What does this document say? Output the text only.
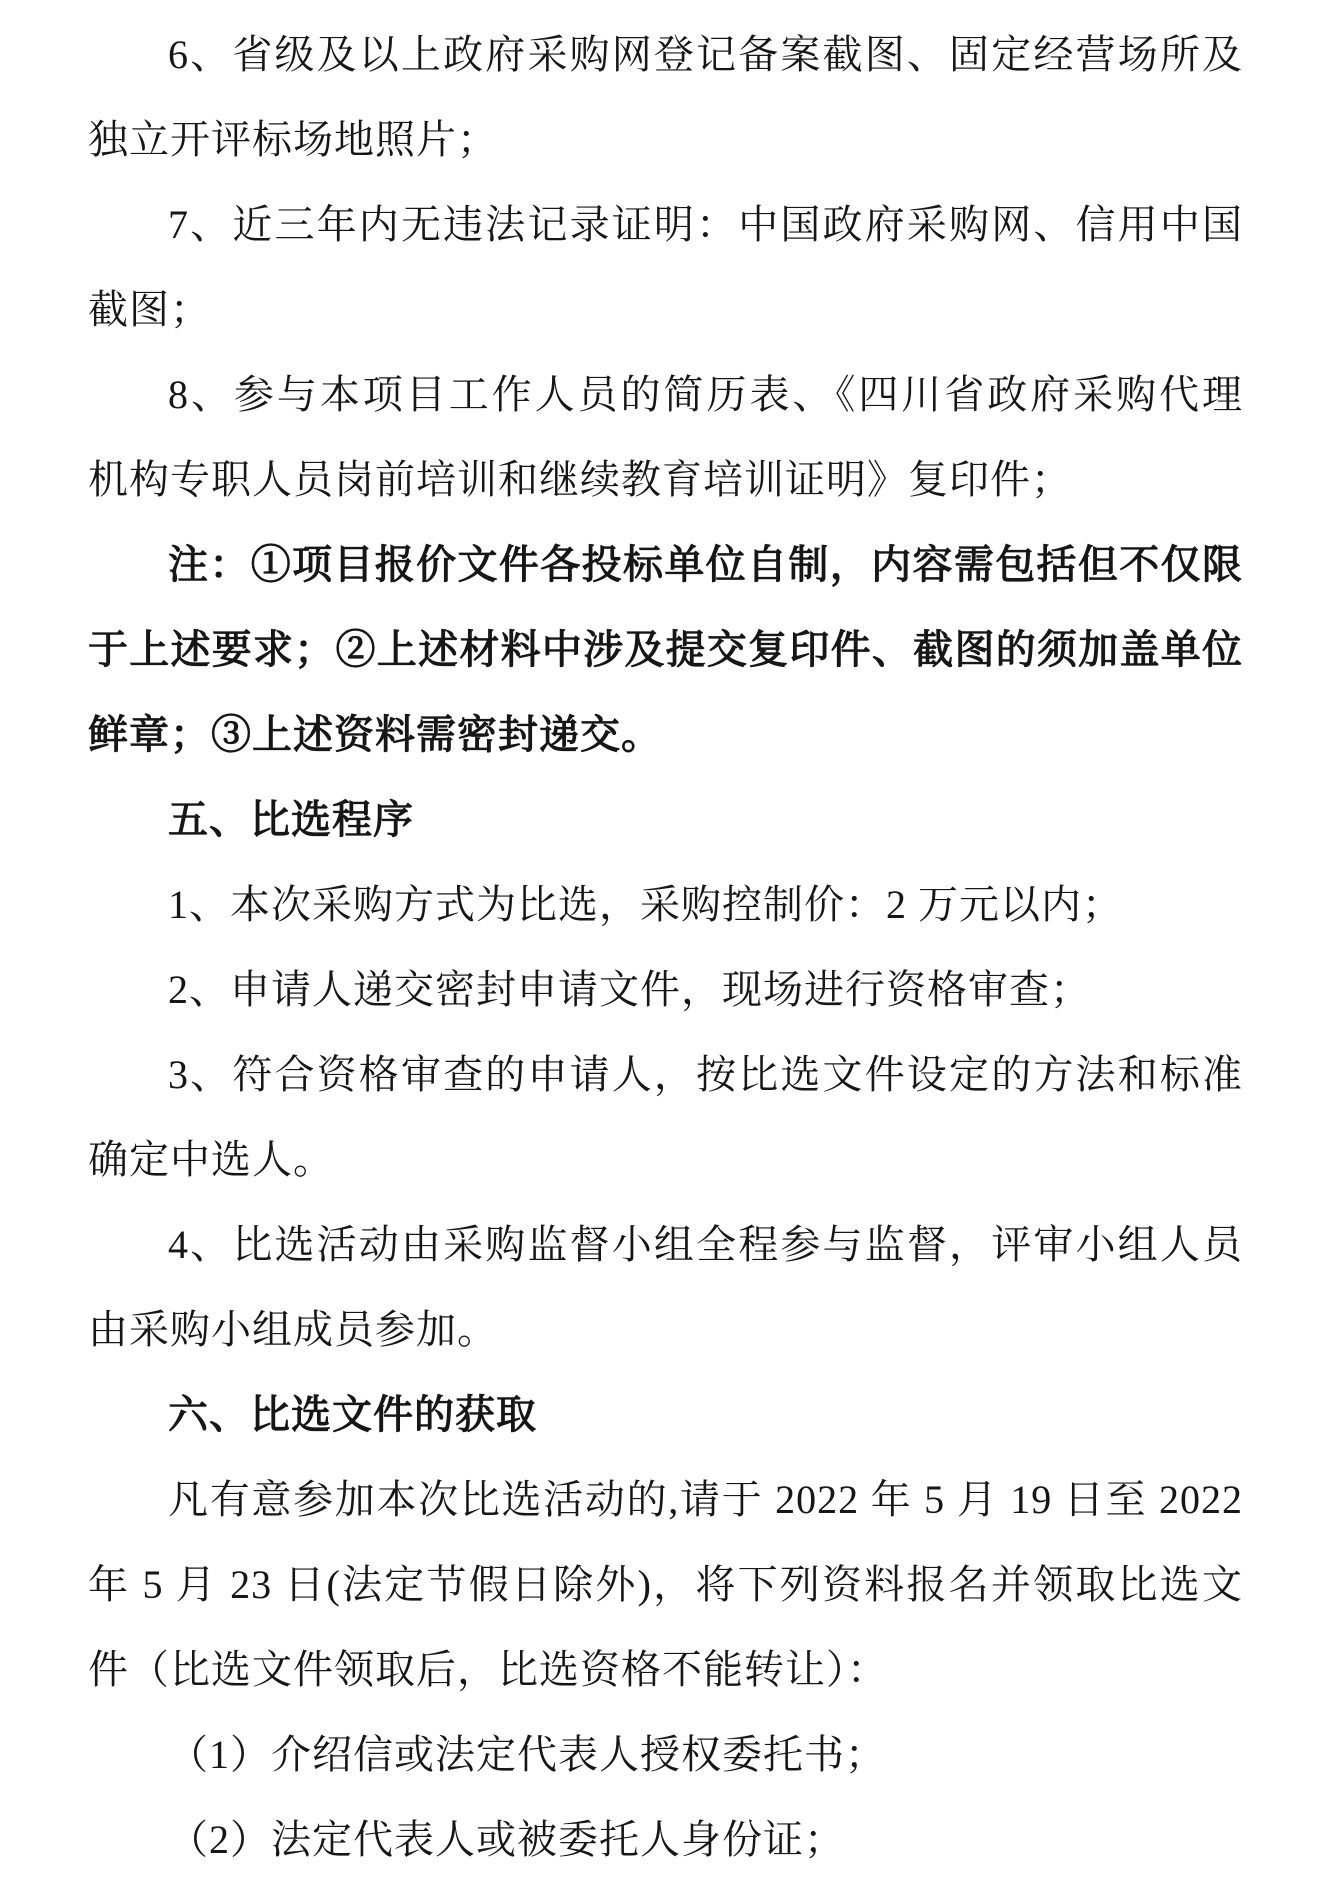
6、省级及以上政府采购网登记备案截图、固定经营场所及
独立开评标场地照片；
7、近三年内无违法记录证明：中国政府采购网、信用中国
截图；
8、参与本项目工作人员的简历表、《四川省政府采购代理
机构专职人员岗前培训和继续教育培训证明》复印件；
注：①项目报价文件各投标单位自制，内容需包括但不仅限
于上述要求；②上述材料中涉及提交复印件、截图的须加盖单位
鲜章；③上述资料需密封递交。
五、比选程序
1、本次采购方式为比选，采购控制价：2 万元以内；
2、申请人递交密封申请文件，现场进行资格审查；
3、符合资格审查的申请人，按比选文件设定的方法和标准
确定中选人。
4、比选活动由采购监督小组全程参与监督，评审小组人员
由采购小组成员参加。
六、比选文件的获取
凡有意参加本次比选活动的,请于 2022 年 5 月 19 日至 2022
年 5 月 23 日(法定节假日除外)，将下列资料报名并领取比选文
件（比选文件领取后，比选资格不能转让）：
（1）介绍信或法定代表人授权委托书；
（2）法定代表人或被委托人身份证；
